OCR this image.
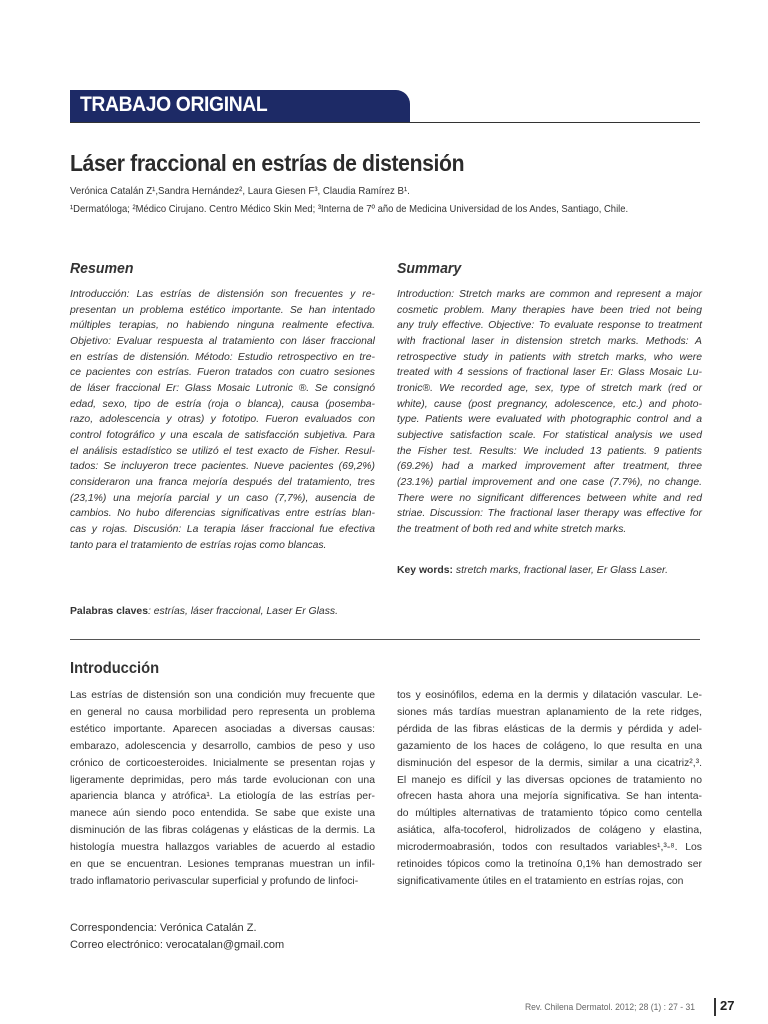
TRABAJO ORIGINAL
Láser fraccional en estrías de distensión
Verónica Catalán Z¹,Sandra Hernández², Laura Giesen F³, Claudia Ramírez B¹.
¹Dermatóloga; ²Médico Cirujano. Centro Médico Skin Med; ³Interna de 7º año de Medicina Universidad de los Andes, Santiago, Chile.
Resumen

Introducción: Las estrías de distensión son frecuentes y re-
presentan un problema estético importante. Se han intentado
múltiples terapias, no habiendo ninguna realmente efectiva.
Objetivo: Evaluar respuesta al tratamiento con láser fraccional
en estrías de distensión. Método: Estudio retrospectivo en tre-
ce pacientes con estrías. Fueron tratados con cuatro sesiones
de láser fraccional Er: Glass Mosaic Lutronic ®. Se consignó
edad, sexo, tipo de estría (roja o blanca), causa (posemba-
razo, adolescencia y otras) y fototipo. Fueron evaluados con
control fotográfico y una escala de satisfacción subjetiva. Para
el análisis estadístico se utilizó el test exacto de Fisher. Resul-
tados: Se incluyeron trece pacientes. Nueve pacientes (69,2%)
consideraron una franca mejoría después del tratamiento, tres
(23,1%) una mejoría parcial y un caso (7,7%), ausencia de
cambios. No hubo diferencias significativas entre estrías blan-
cas y rojas. Discusión: La terapia láser fraccional fue efectiva
tanto para el tratamiento de estrías rojas como blancas.

Palabras claves: estrías, láser fraccional, Laser Er Glass.
Summary

Introduction: Stretch marks are common and represent a major
cosmetic problem. Many therapies have been tried not being
any truly effective. Objective: To evaluate response to treatment
with fractional laser in distension stretch marks. Methods: A
retrospective study in patients with stretch marks, who were
treated with 4 sessions of fractional laser Er: Glass Mosaic Lu-
tronic®. We recorded age, sex, type of stretch mark (red or
white), cause (post pregnancy, adolescence, etc.) and photo-
type. Patients were evaluated with photographic control and a
subjective satisfaction scale. For statistical analysis we used
the Fisher test. Results: We included 13 patients. 9 patients
(69.2%) had a marked improvement after treatment, three
(23.1%) partial improvement and one case (7.7%), no change.
There were no significant differences between white and red
striae. Discussion: The fractional laser therapy was effective for
the treatment of both red and white stretch marks.

Key words: stretch marks, fractional laser, Er Glass Laser.
Introducción

Las estrías de distensión son una condición muy frecuente que
en general no causa morbilidad pero representa un problema
estético importante. Aparecen asociadas a diversas causas:
embarazo, adolescencia y desarrollo, cambios de peso y uso
crónico de corticoesteroides. Inicialmente se presentan rojas y
ligeramente deprimidas, pero más tarde evolucionan con una
apariencia blanca y atrófica¹. La etiología de las estrías per-
manece aún siendo poco entendida. Se sabe que existe una
disminución de las fibras colágenas y elásticas de la dermis. La
histología muestra hallazgos variables de acuerdo al estadio
en que se encuentran. Lesiones tempranas muestran un infil-
trado inflamatorio perivascular superficial y profundo de linfoci-

tos y eosinófilos, edema en la dermis y dilatación vascular. Le-
siones más tardías muestran aplanamiento de la rete ridges,
pérdida de las fibras elásticas de la dermis y pérdida y adel-
gazamiento de los haces de colágeno, lo que resulta en una
disminución del espesor de la dermis, similar a una cicatriz²,³.
El manejo es difícil y las diversas opciones de tratamiento no
ofrecen hasta ahora una mejoría significativa. Se han intenta-
do múltiples alternativas de tratamiento tópico como centella
asiática, alfa-tocoferol, hidrolizados de colágeno y elastina,
microdermoabrasión, todos con resultados variables¹,³-⁸. Los
retinoides tópicos como la tretinoína 0,1% han demostrado ser
significativamente útiles en el tratamiento en estrías rojas, con

Correspondencia: Verónica Catalán Z.
Correo electrónico: verocatalan@gmail.com
Rev. Chilena Dermatol. 2012; 28 (1) : 27 - 31 27
